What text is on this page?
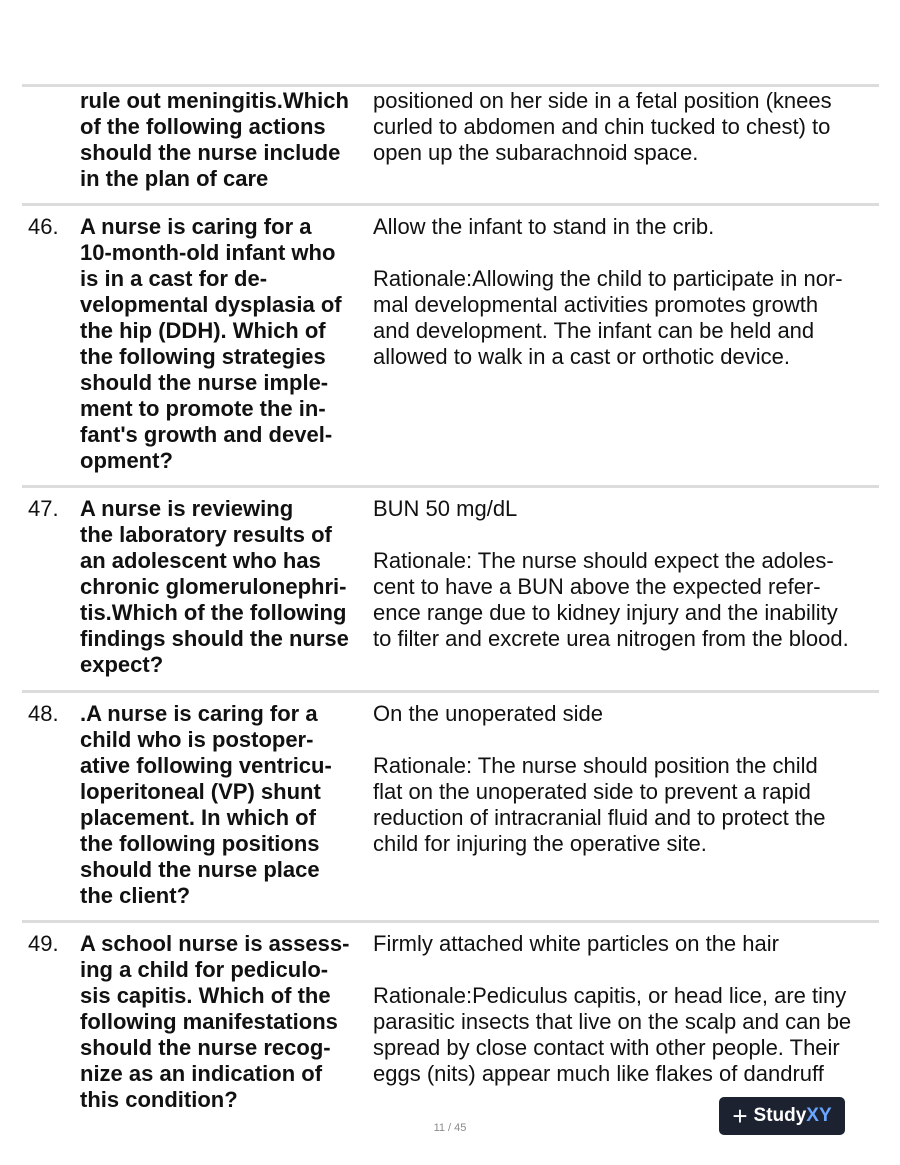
rule out meningitis.Which
of the following actions
should the nurse include
in the plan of care
positioned on her side in a fetal position (knees
curled to abdomen and chin tucked to chest) to
open up the subarachnoid space.
46. A nurse is caring for a
10-month-old infant who
is in a cast for de-
velopmental dysplasia of
the hip (DDH). Which of
the following strategies
should the nurse imple-
ment to promote the in-
fant's growth and devel-
opment?
Allow the infant to stand in the crib.

Rationale:Allowing the child to participate in nor-
mal developmental activities promotes growth
and development. The infant can be held and
allowed to walk in a cast or orthotic device.
47. A nurse is reviewing
the laboratory results of
an adolescent who has
chronic glomerulonephri-
tis.Which of the following
findings should the nurse
expect?
BUN 50 mg/dL

Rationale: The nurse should expect the adoles-
cent to have a BUN above the expected refer-
ence range due to kidney injury and the inability
to filter and excrete urea nitrogen from the blood.
48. .A nurse is caring for a
child who is postoper-
ative following ventricu-
loperitoneal (VP) shunt
placement. In which of
the following positions
should the nurse place
the client?
On the unoperated side

Rationale: The nurse should position the child
flat on the unoperated side to prevent a rapid
reduction of intracranial fluid and to protect the
child for injuring the operative site.
49. A school nurse is assess-
ing a child for pediculo-
sis capitis. Which of the
following manifestations
should the nurse recog-
nize as an indication of
this condition?
Firmly attached white particles on the hair

Rationale:Pediculus capitis, or head lice, are tiny
parasitic insects that live on the scalp and can be
spread by close contact with other people. Their
eggs (nits) appear much like flakes of dandruff
11 / 45	+ Study XY
